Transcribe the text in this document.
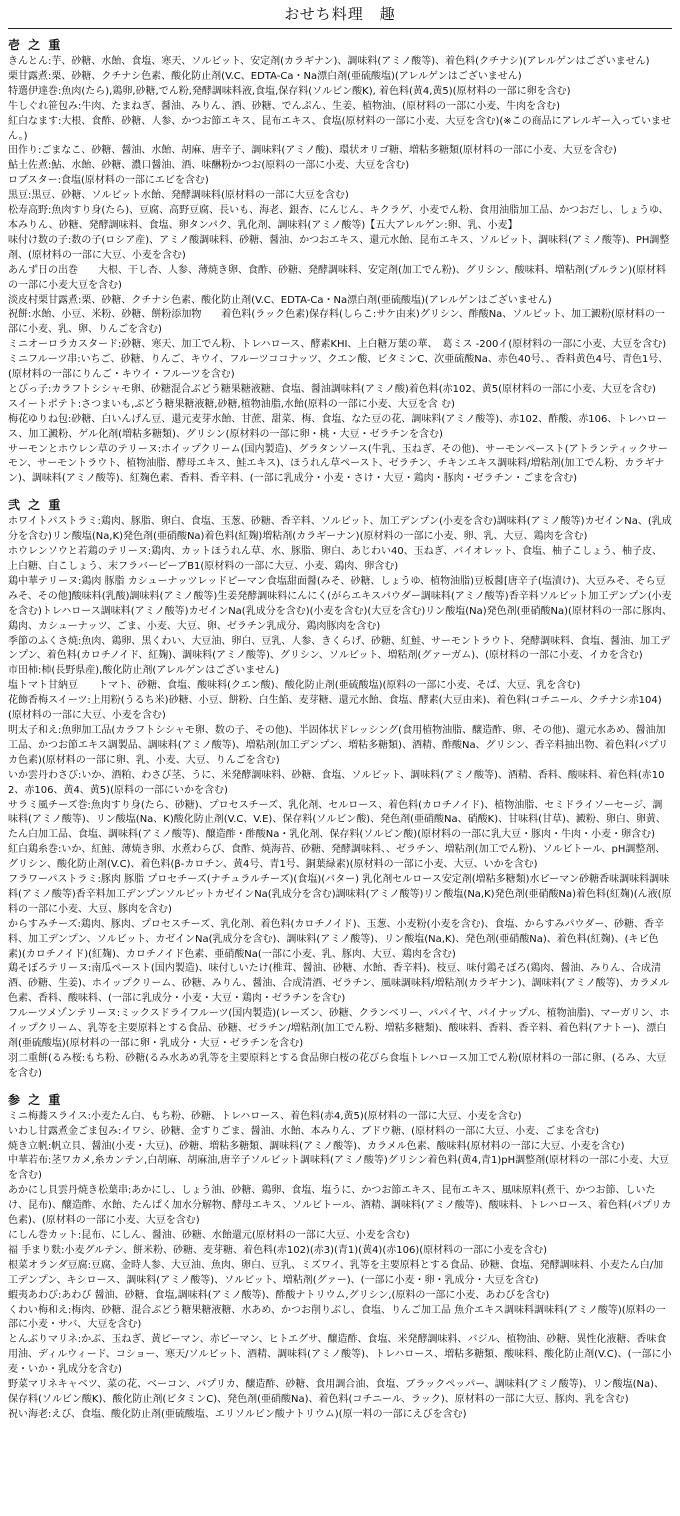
おせち料理　趣
壱 之 重
きんとん:芋、砂糖、水飴、食塩、寒天、ソルビット、安定剤(カラギナン)、調味料(アミノ酸等)、着色料(クチナシ)(アレルゲンはございません)
栗甘露煮:栗、砂糖、クチナシ色素、酸化防止剤(V.C、EDTA-Ca・Na漂白剤(亜硫酸塩)(アレルゲンはございません)
特選伊達巻:魚肉(たら),鶏卵,砂糖,でん粉,発酵調味料液,食塩,保存料(ソルビン酸K), 着色料(黄4,黄5)(原材料の一部に卵を含む)
牛しぐれ笹包み:牛肉、たまねぎ、醤油、みりん、酒、砂糖、でんぷん、生姜、植物油、(原材料の一部に小麦、牛肉を含む)
紅白なます:大根、食酢、砂糖、人参、かつお節エキス、昆布エキス、食塩(原材料の一部に小麦、大豆を含む)(※この商品にアレルギー入っていません。)
田作り:ごまなこ、砂糖、醤油、水飴、胡麻、唐辛子、調味料(アミノ酸)、環状オリゴ糖、増粘多糖類(原材料の一部に小麦、大豆を含む)
鮎土佐煮:鮎、水飴、砂糖、濃口醤油、酒、味醂粉かつお(原料の一部に小麦、大豆を含む)
ロブスター:食塩(原材料の一部にエビを含む)
黒豆:黒豆、砂糖、ソルビット水飴、発酵調味料(原材料の一部に大豆を含む)
松寿高野:魚肉すり身(たら)、豆腐、高野豆腐、長いも、海老、銀杏、にんじん、キクラゲ、小麦でん粉、食用油脂加工品、かつおだし、しょうゆ、本みりん、砂糖、発酵調味料、食塩、卵タンパク、乳化剤、調味料(アミノ酸等)【五大アレルゲン:卵、乳、小麦】
味付け数の子:数の子(ロシア産)、アミノ酸調味料、砂糖、醤油、かつおエキス、還元水飴、昆布エキス、ソルビット、調味料(アミノ酸等)、PH調整剤、(原材料の一部に大豆、小麦を含む)
あんず日の出巻　　大根、干し杏、人参、薄焼き卵、食酢、砂糖、発酵調味料、安定剤(加工でん粉)、グリシン、酸味料、増粘剤(プルラン)(原材料の一部に小麦大豆を含む)
淡皮村栗甘露煮:栗、砂糖、クチナシ色素、酸化防止剤(V.C、EDTA-Ca・Na漂白剤(亜硫酸塩)(アレルゲンはございません)
祝餅:水飴、小豆、米粉、砂糖、餅粉添加物　　着色料(ラック色素)保存料(しらこ:サケ由来)グリシン、酢酸Na、ソルビット、加工澱粉(原材料の一部に小麦、乳、卵、りんごを含む)
ミニオーロラカスタード:砂糖、寒天、加工でん粉、トレハロース、酵素KHI、上白糖万葉の華、　葛ミス -200イ(原材料の一部に小麦、大豆を含む)
ミニフルーツ串:いちご、砂糖、りんご、キウイ、フルーツココナッツ、クエン酸、ビタミンC、次亜硫酸Na、赤色40号、、香料黄色4号、青色1号、(原材料の一部にりんご・キウイ・フルーツを含む)
とびっ子:カラフトシシャモ卵、砂糖混合ぶどう糖果糖液糖、食塩、醤油調味料(アミノ酸)着色料(赤102、黄5(原材料の一部に小麦、大豆を含む)
スイートポテト:さつまいも,ぶどう糖果糖液糖,砂糖,植物油脂,水飴(原料の一部に小麦、大豆を含 む)
梅花ゆりね包:砂糖、白いんげん豆、還元麦芽水飴、甘蔗、甜菜、梅、食塩、なた豆の花、調味料(アミノ酸等)、赤102、酢酸、赤106、トレハロース、加工澱粉、ゲル化剤(増粘多糖類)、グリシン(原材料の一部に卵・桃・大豆・ゼラチンを含む)
サーモンとホウレン草のテリーヌ:ホイップクリーム(国内製造)、グラタンソース(牛乳、玉ねぎ、その他)、サーモンペースト(アトランティックサーモン、サーモントラウト、植物油脂、酵母エキス、鮭エキス)、ほうれん草ペースト、ゼラチン、チキンエキス調味料/増粘剤(加工でん粉、カラギナン)、調味料(アミノ酸等)、紅麹色素、香料、香辛料、(一部に乳成分・小麦・さけ・大豆・鶏肉・豚肉・ゼラチン・ごまを含む)
弐 之 重
ホワイトパストラミ:鶏肉、豚脂、卵白、食塩、玉葱、砂糖、香辛料、ソルビット、加工デンプン(小麦を含む)調味料(アミノ酸等)カゼインNa、(乳成分を含む)リン酸塩(Na,K)発色剤(亜硝酸Na)着色料(紅麹)増粘剤(カラギーナン)(原材料の一部に小麦、卵、乳、大豆、鶏肉を含む)
ホウレンソウと若鶏のテリーヌ:鶏肉、カットほうれん草、水、豚脂、卵白、あじわい40、玉ねぎ、バイオレット、食塩、柚子こしょう、柚子皮、上白糖、白こしょう、末フラバービーブB1(原材料の一部に大豆、小麦、鶏肉、卵含む)
鶏中華テリーヌ:鶏肉 豚脂 カシューナッツレッドピーマン食塩甜面醤(みそ、砂糖、しょうゆ、植物油脂)豆板醤[唐辛子(塩漬け)、大豆みそ、そら豆みそ、その他]酸味料(乳酸)調味料(アミノ酸等)生姜発酵調味料にんにく(がらエキスパウダー調味料(アミノ酸等)香辛料ソルビット加工デンプン(小麦を含む)トレハロース調味料(アミノ酸等)カゼインNa(乳成分を含む)(小麦を含む)(大豆を含む)リン酸塩(Na)発色剤(亜硝酸Na)(原材料の一部に豚肉、鶏肉、カシューナッツ、ごま、小麦、大豆、卵、ゼラチン乳成分、鶏肉豚肉を含む)
季節のふくさ焼:魚肉、鶏卵、黒くわい、大豆油、卵白、豆乳、人参、きくらげ、砂糖、紅鮭、サーモントラウト、発酵調味料、食塩、醤油、加工デンプン、着色料(カロチノイド、紅麹)、調味料(アミノ酸等)、グリシン、ソルビット、増粘剤(グァーガム)、(原材料の一部に小麦、イカを含む)
市田柿:柿(長野県産),酸化防止剤(アレルゲンはございません)
塩トマト甘納豆　　トマト、砂糖、食塩、酸味料(クエン酸)、酸化防止剤(亜硫酸塩)(原料の一部に小麦、そば、大豆、乳を含む)
花飾香梅スイーツ:上用粉(うるち米)砂糖、小豆、餅粉、白生餡、麦芽糖、還元水飴、食塩、酵素(大豆由来)、着色料(コチニール、クチナシ赤104)(原材料の一部に大豆、小麦を含む)
明太子和え:魚卵加工品(カラフトシシャモ卵、数の子、その他)、半固体状ドレッシング(食用植物油脂、醸造酢、卵、その他)、還元水あめ、醤油加工品、かつお節エキス調製品、調味料(アミノ酸等)、増粘剤(加工デンプン、増粘多糖類)、酒精、酢酸Na、グリシン、香辛料抽出物、着色料(パプリカ色素)(原材料の一部に卵、乳、小麦、大豆、りんごを含む)
いか雲丹わさび:いか、酒粕、わさび茎、うに、米発酵調味料、砂糖、食塩、ソルビット、調味料(アミノ酸等)、酒精、香料、酸味料、着色料(赤102、赤106、黄4、黄5)(原料の一部にいかを含む)
サラミ風チーズ巻:魚肉すり身(たら、砂糖)、プロセスチーズ、乳化剤、セルロース、着色料(カロチノイド)、植物油脂、セミドライソーセージ、調味料(アミノ酸等)、リン酸塩(Na、K)酸化防止剤(V.C、V.E)、保存料(ソルビン酸)、発色剤(亜硝酸Na、硝酸K)、甘味料(甘草)、澱粉、卵白、卵黄、たん白加工品、食塩、調味料(アミノ酸等)、醸造酢・酢酸Na・乳化剤、保存料(ソルビン酸)(原材料の一部に乳大豆・豚肉・牛肉・小麦・卵含む)
紅白鶏糸巻:いか、紅鮭、薄焼き卵、水煮わらび、食酢、焼海苔、砂糖、発酵調味料、、ゼラチン、増粘剤(加工でん粉)、ソルビトール、pH調整剤、グリシン、酸化防止剤(V.C)、着色料(β-カロチン、黄4号、青1号、銅葉緑素)(原材料の一部に小麦、大豆、いかを含む)
フラワーパストラミ:豚肉 豚脂 プロセチーズ(ナチュラルチーズ)(食塩)(バター) 乳化剤セルロース安定剤(増粘多糖類)水ピーマン砂糖香味調味料調味料(アミノ酸等)香辛料加工デンプンソルビットカゼインNa(乳成分を含む)調味料(アミノ酸等)リン酸塩(Na,K)発色剤(亜硝酸Na)着色料(紅麹)(ん液(原料の一部に小麦、大豆、豚肉を含む)
からすみチーズ:鶏肉、豚肉、プロセスチーズ、乳化剤、着色料(カロチノイド)、玉葱、小麦粉(小麦を含む)、食塩、からすみパウダー、砂糖、香辛料、加工デンプン、ソルビット、カゼインNa(乳成分を含む)、調味料(アミノ酸等)、リン酸塩(Na,K)、発色剤(亜硝酸Na)、着色料(紅麹)、(キビ色素)(カロチノイド)(紅麹)、カロチノイド色素、亜硝酸Na(一部に小麦、乳、豚肉、大豆、鶏肉を含む)
鶏そぼろテリーヌ:南瓜ペースト(国内製造)、味付しいたけ(椎茸、醤油、砂糖、水飴、香辛料)、枝豆、味付鶏そぼろ(鶏肉、醤油、みりん、合成清酒、砂糖、生姜)、ホイップクリーム、砂糖、みりん、醤油、合成清酒、ゼラチン、風味調味料/増粘剤(カラギナン)、調味料(アミノ酸等)、カラメル色素、香料、酸味料、(一部に乳成分・小麦・大豆・鶏肉・ゼラチンを含む)
フルーツメゾンテリーヌ:ミックスドライフルーツ(国内製造)(レーズン、砂糖、クランベリー、パパイヤ、パイナップル、植物油脂)、マーガリン、ホイップクリーム、乳等を主要原料とする食品、砂糖、ゼラチン/増粘剤(加工でん粉、増粘多糖類)、酸味料、香料、香辛料、着色料(アナトー)、漂白剤(亜硫酸塩)(原材料の一部に卵・乳成分・大豆・ゼラチンを含む)
羽二重餅(るみ桜:もち粉、砂糖(るみ水あめ乳等を主要原料とする食品卵白桜の花びら食塩トレハロース加工でん粉(原材料の一部に卵、(るみ、大豆を含む)
参 之 重
ミニ梅蕎スライス:小麦たん白、もち粉、砂糖、トレハロース、着色料(赤4,黄5)(原材料の一部に大豆、小麦を含む)
いわし甘露煮金ごま包み:イワシ、砂糖、金すりごま、醤油、水飴、本みりん、ブドウ糖、(原材料の一部に大豆、小麦、ごまを含む)
焼き立帆:帆立貝、醤油(小麦・大豆)、砂糖、増粘多糖類、調味料(アミノ酸等)、カラメル色素、酸味料(原材料の一部に大豆、小麦を含む)
中華若布:茎ワカメ,糸カンテン,白胡麻、胡麻油,唐辛子ソルビット調味料(アミノ酸等)グリシン着色料(黄4,青1)pH調整剤(原材料の一部に小麦、大豆を含む)
あかにし貝雲丹焼き松葉串:あかにし、しょう油、砂糖、鶏卵、食塩、塩うに、かつお節エキス、昆布エキス、風味原料(煮干、かつお節、しいたけ、昆布)、醸造酢、水飴、たんぱく加水分解物、酵母エキス、ソルビトール、酒精、調味料(アミノ酸等)、酸味料、トレハロース、着色料(パプリカ色素)、(原材料の一部に小麦、大豆を含む)
にしん巻カット:昆布、にしん、醤油、砂糖、水飴還元(原材料の一部に大豆、小麦を含む)
福 手まり麩:小麦グルテン、餅米粉、砂糖、麦芽糖、着色料(赤102)(赤3)(青1)(黄4)(赤106)(原材料の一部に小麦を含む)
根菜オランダ豆腐:豆腐、金時人参、大豆油、魚肉、卵白、豆乳、ミズワイ、乳等を主要原料とする食品、砂糖、食塩、発酵調味料、小麦たん白/加工デンプン、キシロース、調味料(アミノ酸等)、ソルビット、増粘剤(グァー)、(一部に小麦・卵・乳成分・大豆を含む)
蝦夷あわび:あわび 醤油、砂糖、食塩,調味料(アミノ酸等)、酢酸ナトリウム,グリシン,(原料の一部に小麦、あわびを含む)
くわい梅和え:梅肉、砂糖、混合ぶどう糖果糖液糖、水あめ、かつお削りぶし、食塩、りんご加工品 魚介エキス調味料調味料(アミノ酸等)(原料の一部に小麦・サバ、大豆を含む)
とんぶりマリネ:かぶ、玉ねぎ、黄ピーマン、赤ピーマン、ヒトエグサ、醸造酢、食塩、米発酵調味料、バジル、植物油、砂糖、異性化液糖、香味食用油、ディルウィード、コショー、寒天/ソルビット、酒精、調味料(アミノ酸等)、トレハロース、増粘多糖類、酸味料、酸化防止剤(V.C)、(一部に小麦・いか・乳成分を含む)
野菜マリネキャベツ、菜の花、ベーコン、パプリカ、醸造酢、砂糖、食用調合油、食塩、ブラックペッパー、調味料(アミノ酸等)、リン酸塩(Na)、保存料(ソルビン酸K)、酸化防止剤(ビタミンC)、発色剤(亜硝酸Na)、着色料(コチニール、ラック)、原材料の一部に大豆、豚肉、乳を含む)
祝い海老:えび、食塩、酸化防止剤(亜硫酸塩、エリソルビン酸ナトリウム)(原一料の一部にえびを含む)
